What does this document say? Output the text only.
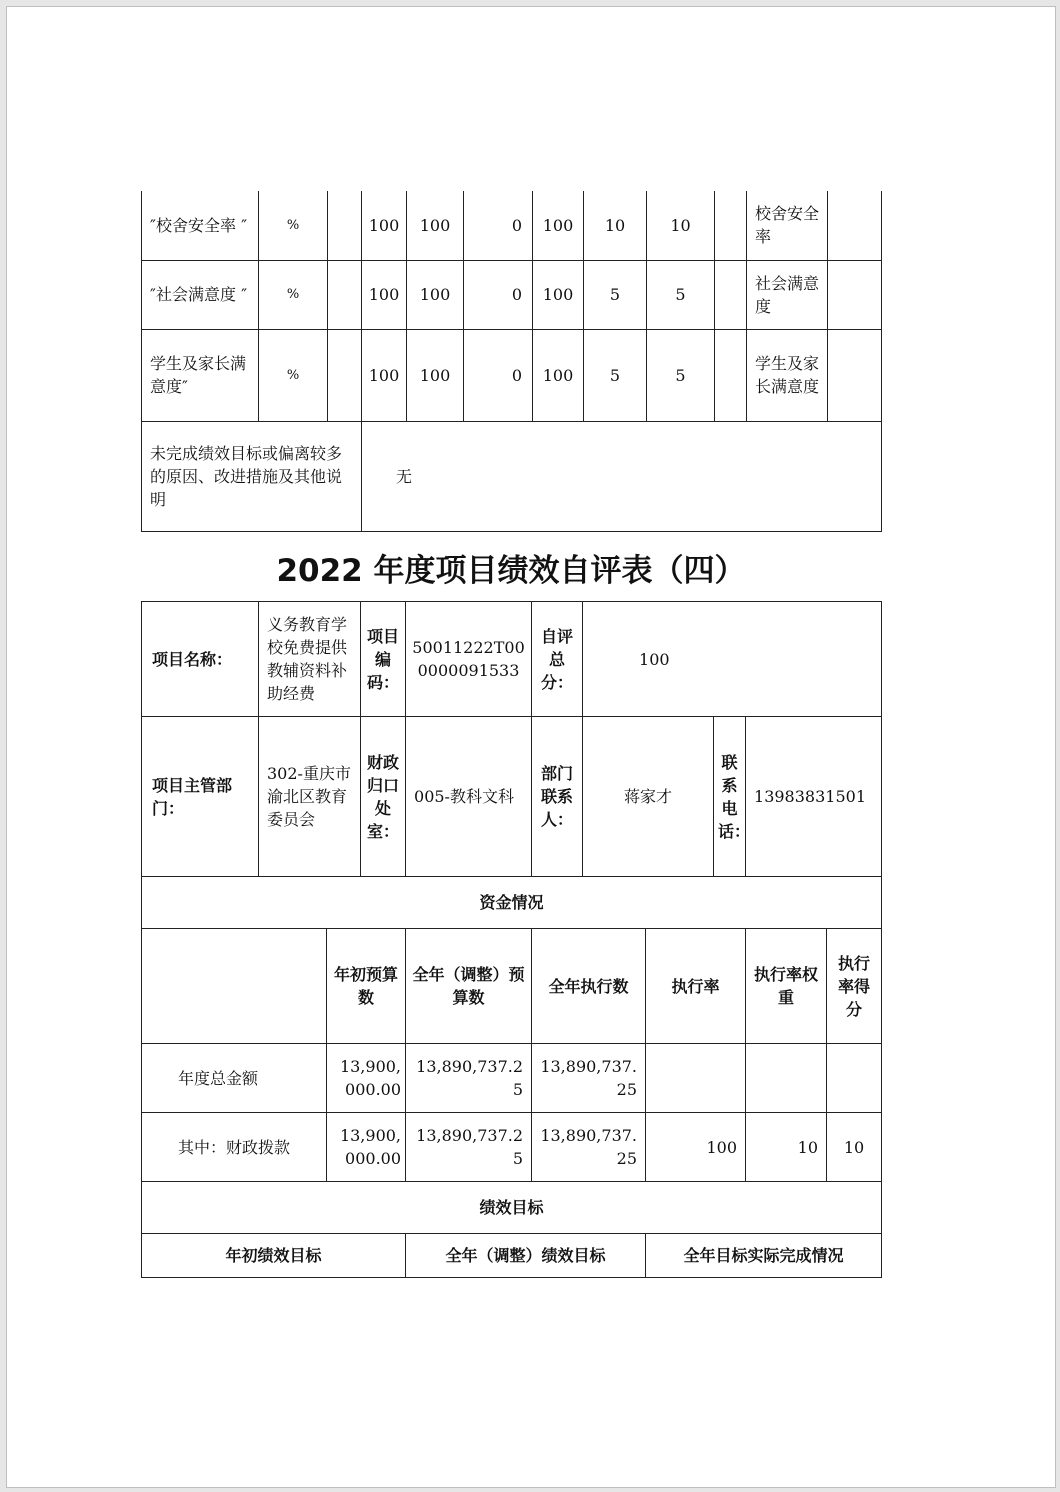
″校舍安全率 ″	%		100	100	0	100	10	10		校舍安全率	
″社会满意度 ″	%		100	100	0	100	5	5		社会满意度	
学生及家长满意度″	%		100	100	0	100	5	5		学生及家长满意度	
未完成绩效目标或偏离较多的原因、改进措施及其他说明			无								
2022 年度项目绩效自评表（四）
项目名称：	义务教育学校免费提供教辅资料补助经费		项目编码：	50011222T000000091533	自评总分：	100				
项目主管部门：	302-重庆市渝北区教育委员会		财政归口处室：	005-教科文科	部门联系人：	蒋家才		联系电话：	13983831501	
资金情况										
		年初预算数		全年（调整）预算数	全年执行数		执行率		执行率权重	执行率得分
年度总金额		13,900,000.00		13,890,737.25	13,890,737.25					
其中：财政拨款		13,900,000.00		13,890,737.25	13,890,737.25		100		10	10
绩效目标										
年初绩效目标				全年（调整）绩效目标			全年目标实际完成情况			
